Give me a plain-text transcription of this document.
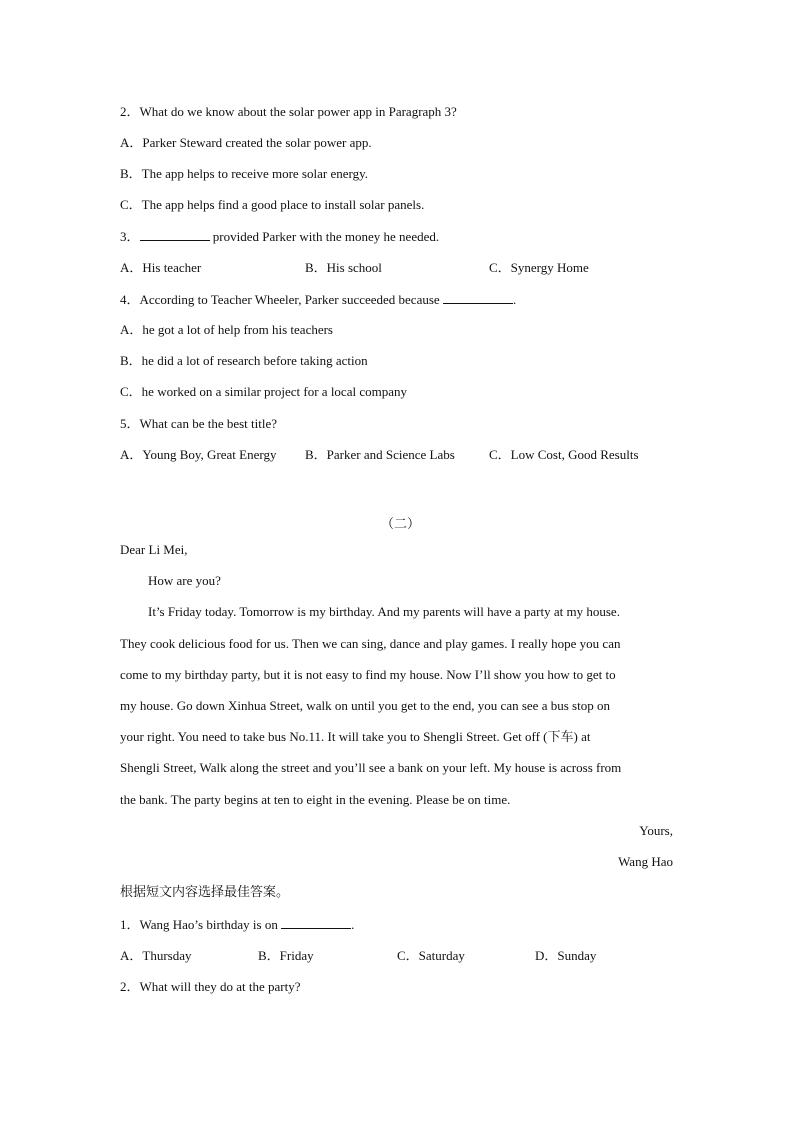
2．What do we know about the solar power app in Paragraph 3?
A．Parker Steward created the solar power app.
B．The app helps to receive more solar energy.
C．The app helps find a good place to install solar panels.
3．	provided Parker with the money he needed.
A．His teacher	B．His school	C．Synergy Home
4．According to Teacher Wheeler, Parker succeeded because	.
A．he got a lot of help from his teachers
B．he did a lot of research before taking action
C．he worked on a similar project for a local company
5．What can be the best title?
A．Young Boy, Great Energy B．Parker and Science Labs	C．Low Cost, Good Results
（二）
Dear Li Mei,
How are you?
It’s Friday today. Tomorrow is my birthday. And my parents will have a party at my house.
They cook delicious food for us. Then we can sing, dance and play games. I really hope you can
come to my birthday party, but it is not easy to find my house. Now I’ll show you how to get to
my house. Go down Xinhua Street, walk on until you get to the end, you can see a bus stop on
your right. You need to take bus No.11. It will take you to Shengli Street. Get off (下车) at
Shengli Street, Walk along the street and you’ll see a bank on your left. My house is across from
the bank. The party begins at ten to eight in the evening. Please be on time.
Yours,
Wang Hao
根据短文内容选择最佳答案。
1．Wang Hao’s birthday is on	.
A．Thursday	B．Friday	C．Saturday	D．Sunday
2．What will they do at the party?
